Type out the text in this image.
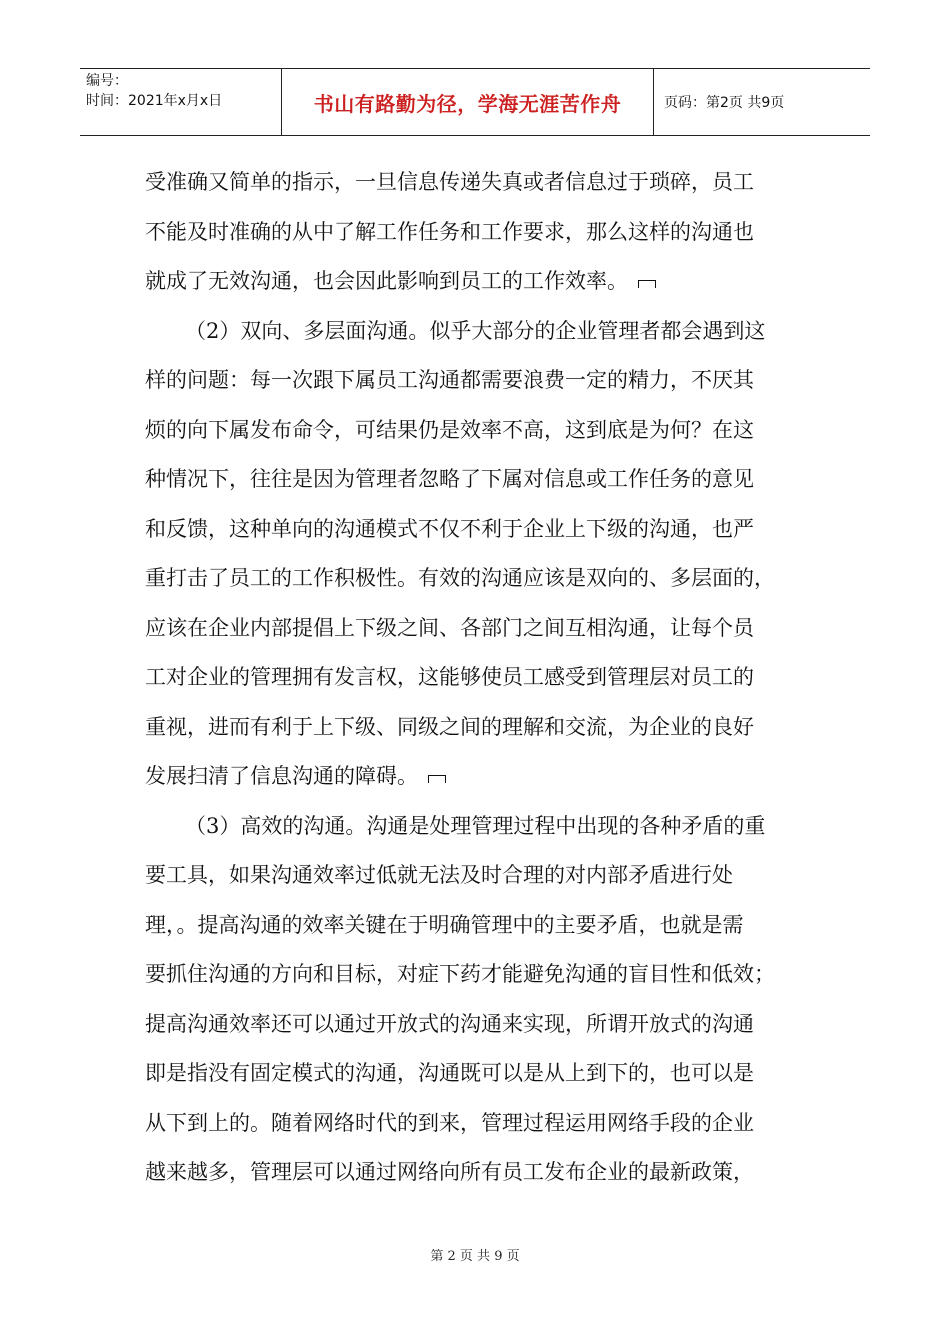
编号：
时间：2021年x月x日	书山有路勤为径，学海无涯苦作舟	页码：第2页 共9页

受准确又简单的指示，一旦信息传递失真或者信息过于琐碎，员工
不能及时准确的从中了解工作任务和工作要求，那么这样的沟通也
就成了无效沟通，也会因此影响到员工的工作效率。

（2）双向、多层面沟通。似乎大部分的企业管理者都会遇到这
样的问题：每一次跟下属员工沟通都需要浪费一定的精力，不厌其
烦的向下属发布命令，可结果仍是效率不高，这到底是为何？在这
种情况下，往往是因为管理者忽略了下属对信息或工作任务的意见
和反馈，这种单向的沟通模式不仅不利于企业上下级的沟通，也严
重打击了员工的工作积极性。有效的沟通应该是双向的、多层面的，
应该在企业内部提倡上下级之间、各部门之间互相沟通，让每个员
工对企业的管理拥有发言权，这能够使员工感受到管理层对员工的
重视，进而有利于上下级、同级之间的理解和交流，为企业的良好
发展扫清了信息沟通的障碍。

（3）高效的沟通。沟通是处理管理过程中出现的各种矛盾的重
要工具，如果沟通效率过低就无法及时合理的对内部矛盾进行处
理，。提高沟通的效率关键在于明确管理中的主要矛盾，也就是需
要抓住沟通的方向和目标，对症下药才能避免沟通的盲目性和低效；
提高沟通效率还可以通过开放式的沟通来实现，所谓开放式的沟通
即是指没有固定模式的沟通，沟通既可以是从上到下的，也可以是
从下到上的。随着网络时代的到来，管理过程运用网络手段的企业
越来越多，管理层可以通过网络向所有员工发布企业的最新政策，

第 2 页 共 9 页
